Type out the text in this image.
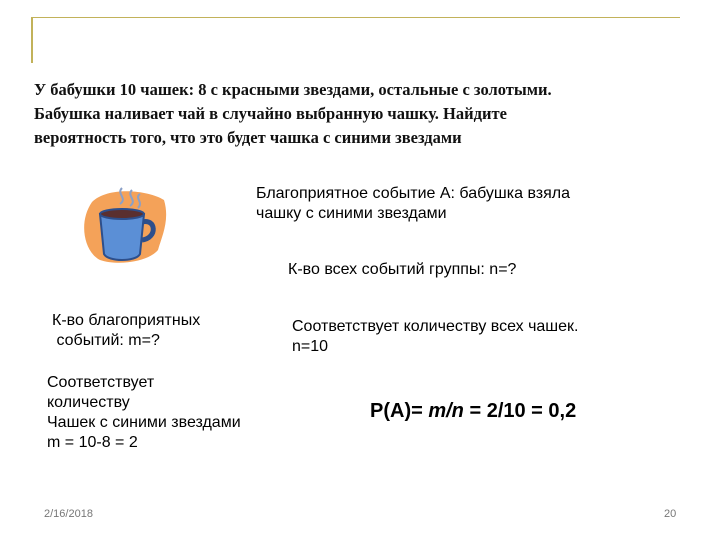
У бабушки 10 чашек: 8 с красными звездами, остальные с золотыми.
Бабушка наливает чай в случайно выбранную чашку. Найдите
вероятность того, что это будет чашка с синими звездами
Благоприятное событие А: бабушка взяла
чашку с синими звездами
К-во всех событий группы: n=?
К-во благоприятных
событий: m=?
Соответствует количеству всех чашек.
n=10
Соответствует
количеству
Чашек с синими звездами
m = 10-8 = 2
P(A)= m/n = 2/10 = 0,2
2/16/2018	20
